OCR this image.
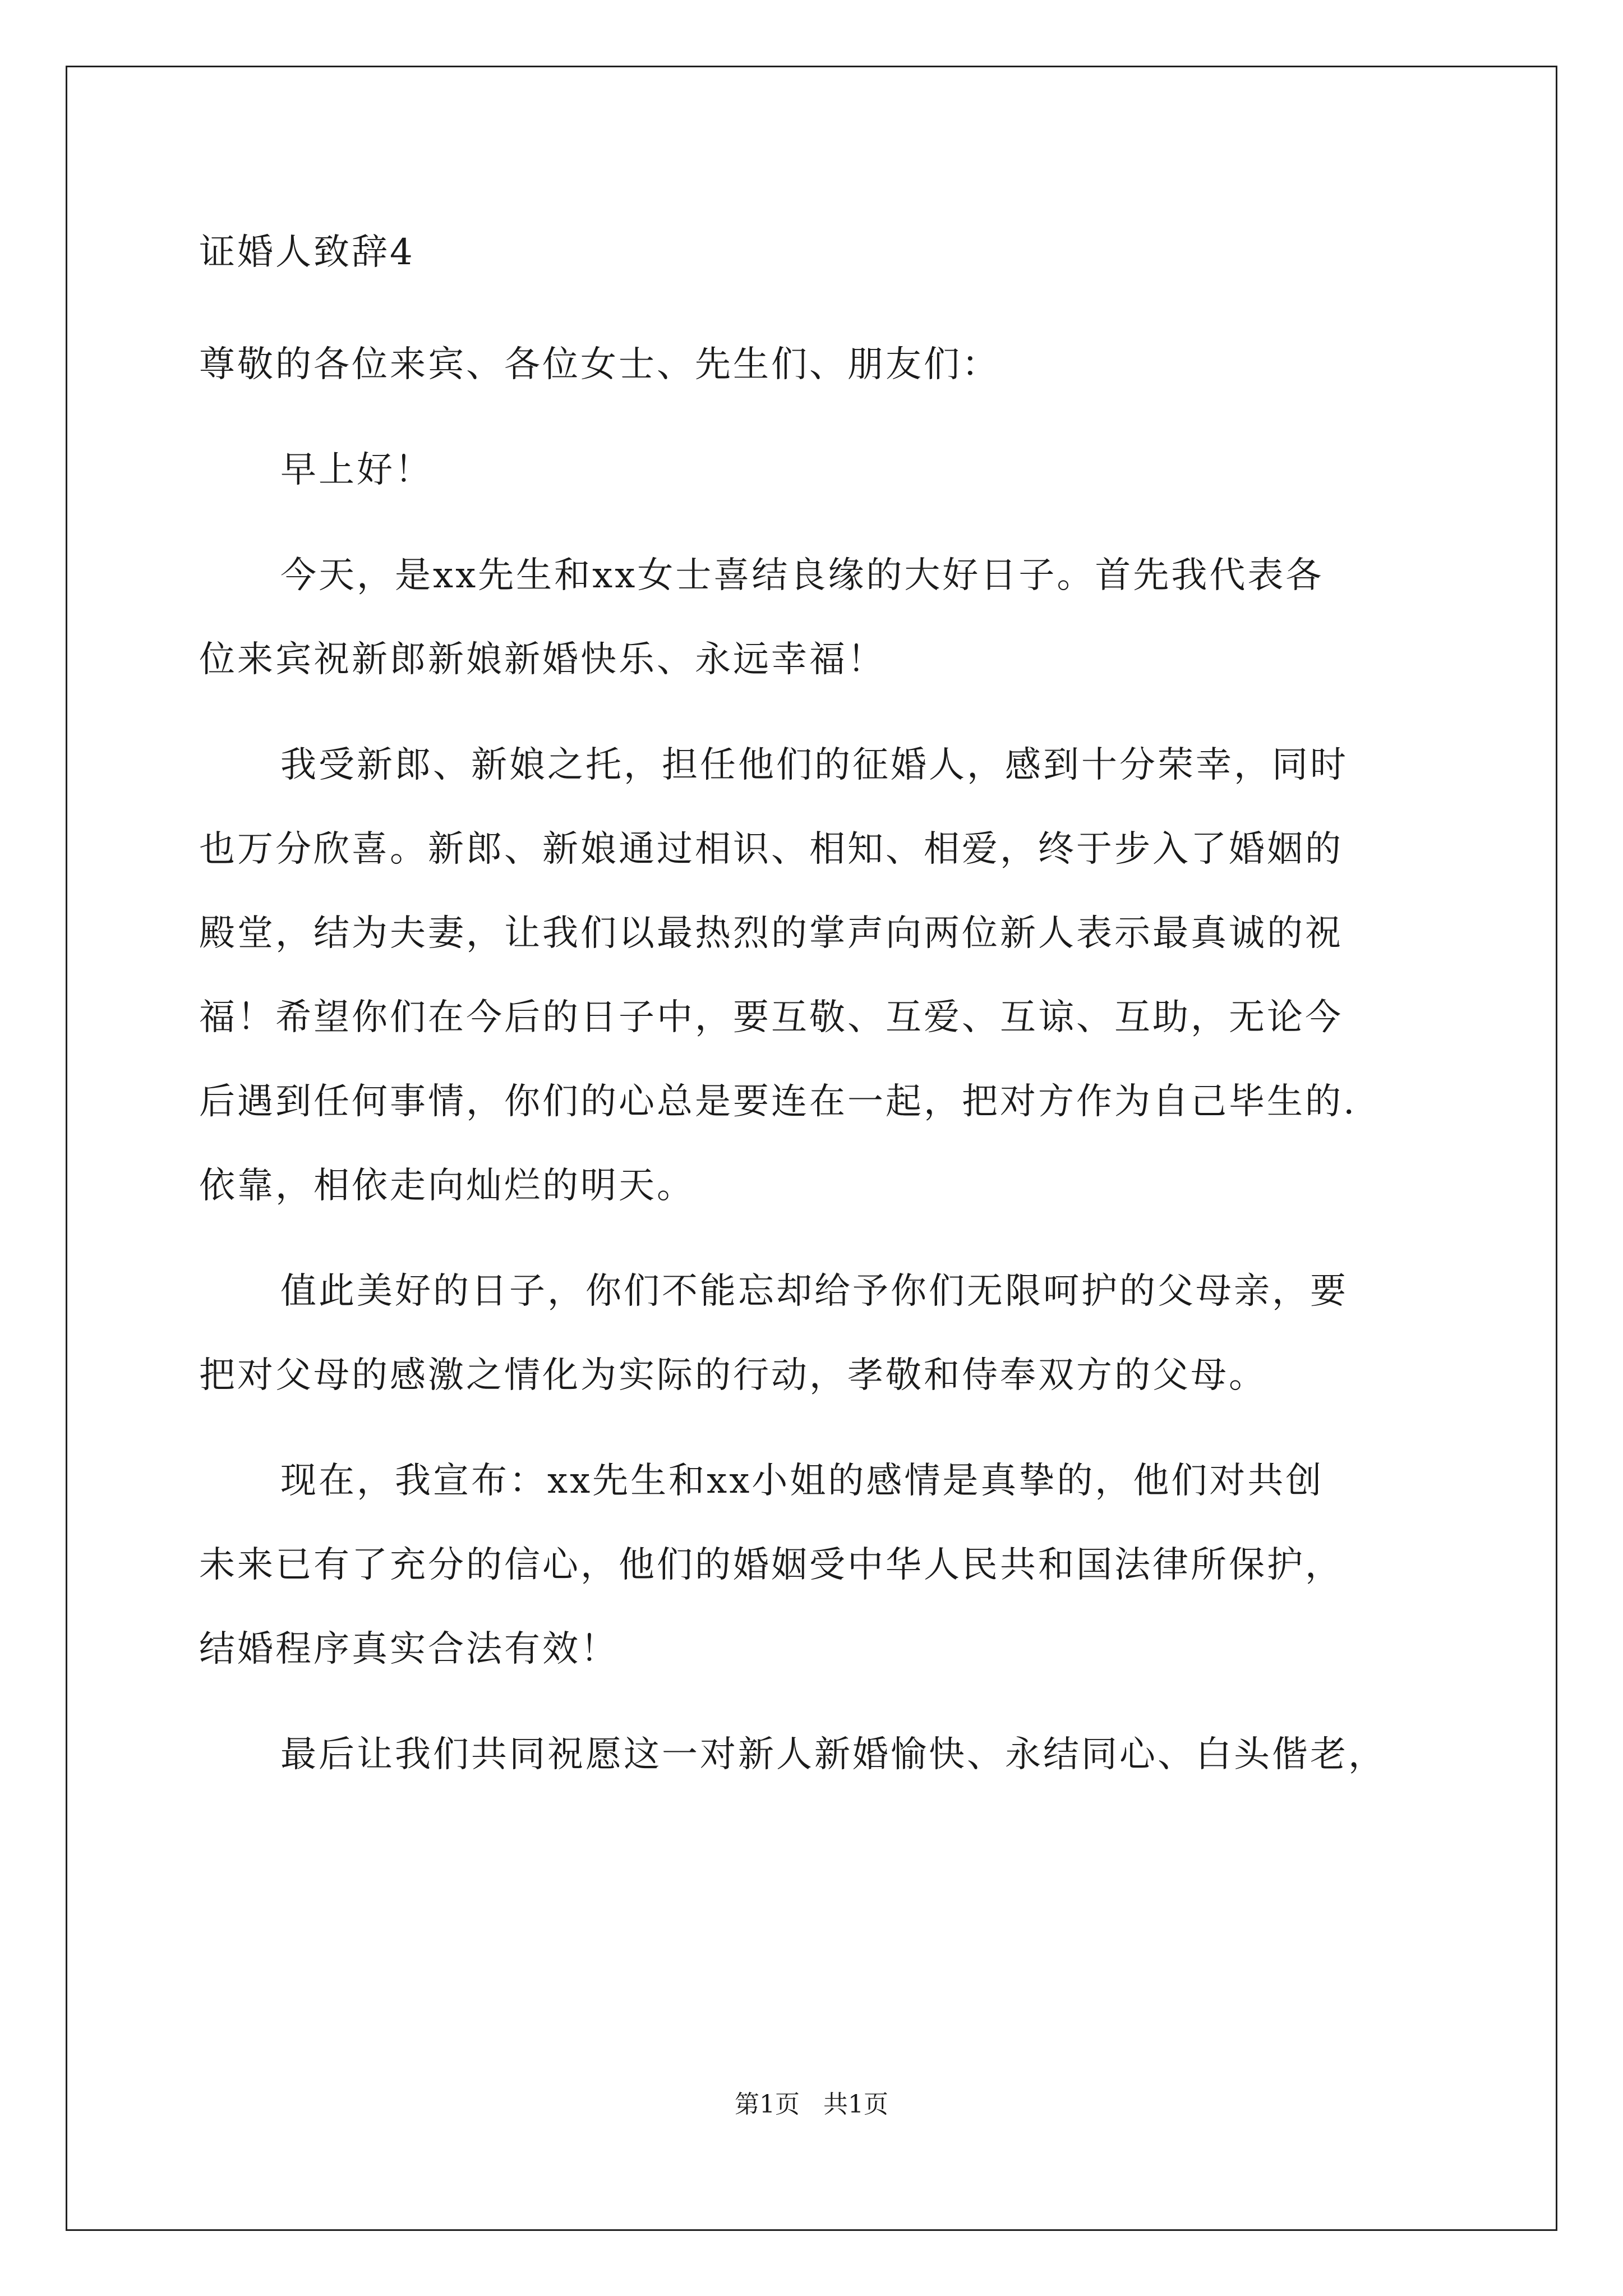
证婚人致辞4
尊敬的各位来宾、各位女士、先生们、朋友们：
早上好！
今天，是xx先生和xx女士喜结良缘的大好日子。首先我代表各
位来宾祝新郎新娘新婚快乐、永远幸福！
我受新郎、新娘之托，担任他们的征婚人，感到十分荣幸，同时
也万分欣喜。新郎、新娘通过相识、相知、相爱，终于步入了婚姻的
殿堂，结为夫妻，让我们以最热烈的掌声向两位新人表示最真诚的祝
福！希望你们在今后的日子中，要互敬、互爱、互谅、互助，无论今
后遇到任何事情，你们的心总是要连在一起，把对方作为自己毕生的.
依靠，相依走向灿烂的明天。
值此美好的日子，你们不能忘却给予你们无限呵护的父母亲，要
把对父母的感激之情化为实际的行动，孝敬和侍奉双方的父母。
现在，我宣布：xx先生和xx小姐的感情是真挚的，他们对共创
未来已有了充分的信心，他们的婚姻受中华人民共和国法律所保护，
结婚程序真实合法有效！
最后让我们共同祝愿这一对新人新婚愉快、永结同心、白头偕老，
第1页   共1页
